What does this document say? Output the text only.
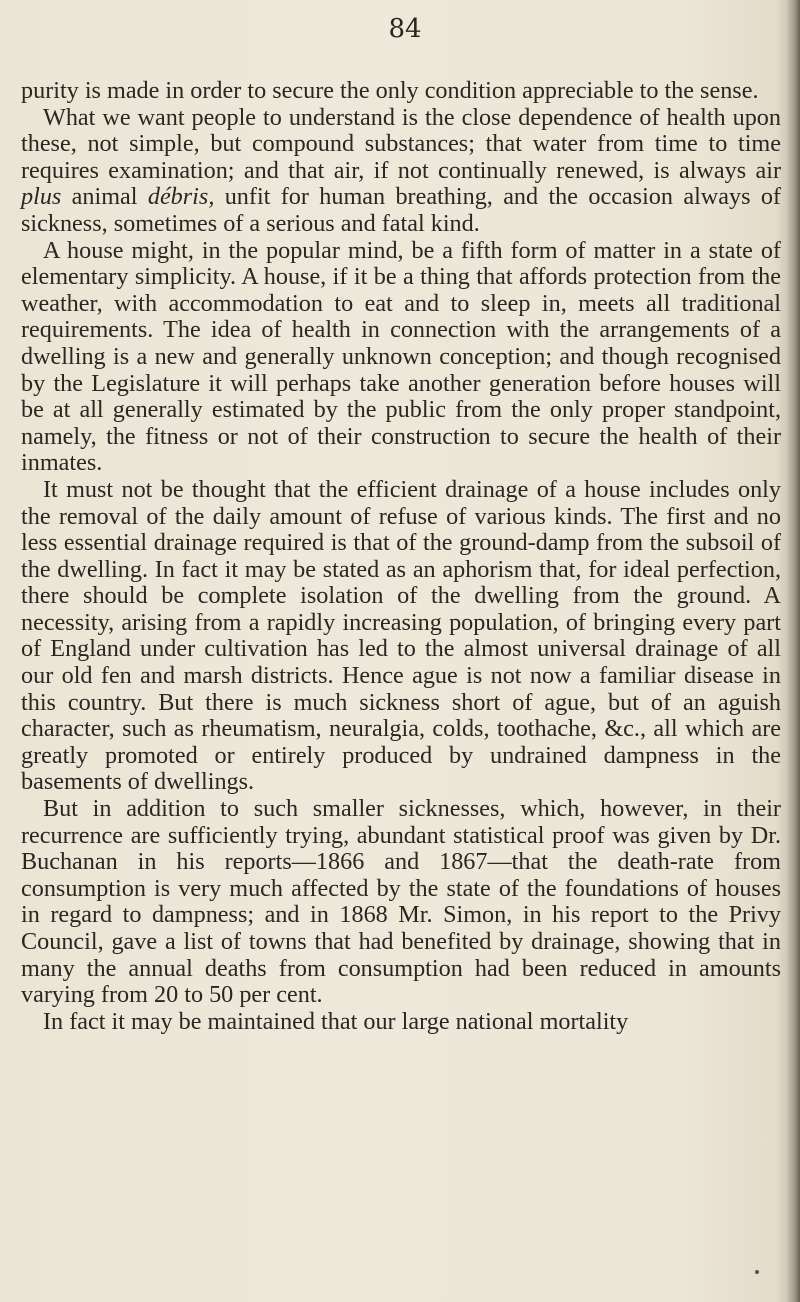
84

purity is made in order to secure the only condition appreciable to the sense.

What we want people to understand is the close dependence of health upon these, not simple, but compound substances; that water from time to time requires examination; and that air, if not continually renewed, is always air plus animal débris, unfit for human breathing, and the occasion always of sickness, sometimes of a serious and fatal kind.

A house might, in the popular mind, be a fifth form of matter in a state of elementary simplicity. A house, if it be a thing that affords protection from the weather, with accommodation to eat and to sleep in, meets all traditional requirements. The idea of health in connection with the arrangements of a dwelling is a new and generally unknown conception; and though recognised by the Legislature it will perhaps take another generation before houses will be at all generally estimated by the public from the only proper standpoint, namely, the fitness or not of their construction to secure the health of their inmates.

It must not be thought that the efficient drainage of a house includes only the removal of the daily amount of refuse of various kinds. The first and no less essential drainage required is that of the ground-damp from the subsoil of the dwelling. In fact it may be stated as an aphorism that, for ideal perfection, there should be complete isolation of the dwelling from the ground. A necessity, arising from a rapidly increasing population, of bringing every part of England under cultivation has led to the almost universal drainage of all our old fen and marsh districts. Hence ague is not now a familiar disease in this country. But there is much sickness short of ague, but of an aguish character, such as rheumatism, neuralgia, colds, toothache, &c., all which are greatly promoted or entirely produced by undrained dampness in the basements of dwellings.

But in addition to such smaller sicknesses, which, however, in their recurrence are sufficiently trying, abundant statistical proof was given by Dr. Buchanan in his reports—1866 and 1867—that the death-rate from consumption is very much affected by the state of the foundations of houses in regard to dampness; and in 1868 Mr. Simon, in his report to the Privy Council, gave a list of towns that had benefited by drainage, showing that in many the annual deaths from consumption had been reduced in amounts varying from 20 to 50 per cent.

In fact it may be maintained that our large national mortality
